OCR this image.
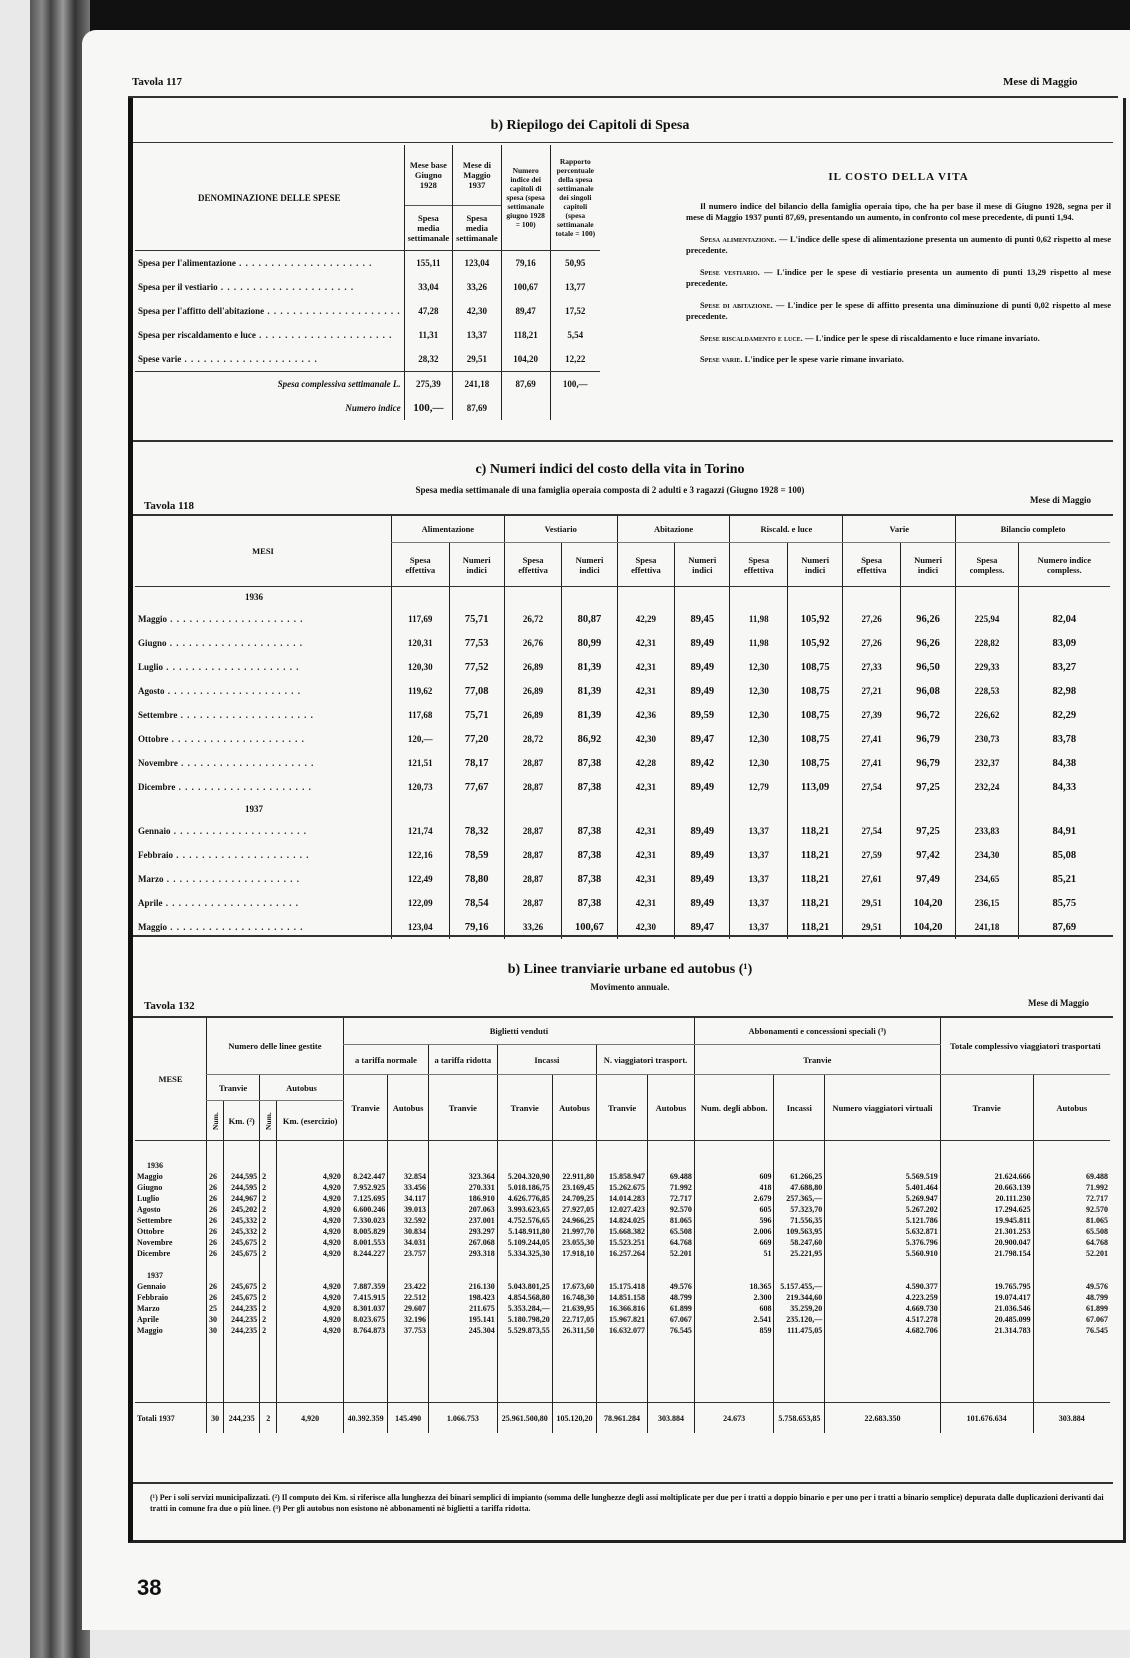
Tavola 117	Mese di Maggio
b) Riepilogo dei Capitoli di Spesa
DENOMINAZIONE DELLE SPESE	Mese base Giugno 1928	Mese di Maggio 1937	Numero indice dei capitoli di spesa (spesa settimanale giugno 1928 = 100)	Rapporto percentuale della spesa settimanale dei singoli capitoli (spesa settimanale totale = 100)
	Spesa media settimanale	Spesa media settimanale		
Spesa per l'alimentazione . . .	155,11	123,04	79,16	50,95
Spesa per il vestiario . . .	33,04	33,26	100,67	13,77
Spesa per l'affitto dell'abitazione . . .	47,28	42,30	89,47	17,52
Spesa per riscaldamento e luce . . .	11,31	13,37	118,21	5,54
Spese varie . . .	28,32	29,51	104,20	12,22
Spesa complessiva settimanale L.	275,39	241,18	87,69	100,—
Numero indice	100,—	87,69		
IL COSTO DELLA VITA

Il numero indice del bilancio della famiglia operaia tipo, che ha per base il mese di Giugno 1928, segna per il mese di Maggio 1937 punti 87,69, presentando un aumento, in confronto col mese precedente, di punti 1,94.

Spesa alimentazione. — L'indice delle spese di alimentazione presenta un aumento di punti 0,62 rispetto al mese precedente.

Spese vestiario. — L'indice per le spese di vestiario presenta un aumento di punti 13,29 rispetto al mese precedente.

Spese di abitazione. — L'indice per le spese di affitto presenta una diminuzione di punti 0,02 rispetto al mese precedente.

Spese riscaldamento e luce. — L'indice per le spese di riscaldamento e luce rimane invariato.

Spese varie. L'indice per le spese varie rimane invariato.

c) Numeri indici del costo della vita in Torino
Spesa media settimanale di una famiglia operaia composta di 2 adulti e 3 ragazzi (Giugno 1928 = 100)
Tavola 118	Mese di Maggio
MESI	Alimentazione		Vestiario		Abitazione		Riscald. e luce		Varie		Bilancio completo	
	Spesa effettiva	Numeri indici	Spesa effettiva	Numeri indici	Spesa effettiva	Numeri indici	Spesa effettiva	Numeri indici	Spesa effettiva	Numeri indici	Spesa compless.	Numero indice compless.
1936												
Maggio . . .	117,69	75,71	26,72	80,87	42,29	89,45	11,98	105,92	27,26	96,26	225,94	82,04
Giugno . . .	120,31	77,53	26,76	80,99	42,31	89,49	11,98	105,92	27,26	96,26	228,82	83,09
Luglio . . .	120,30	77,52	26,89	81,39	42,31	89,49	12,30	108,75	27,33	96,50	229,33	83,27
Agosto . . .	119,62	77,08	26,89	81,39	42,31	89,49	12,30	108,75	27,21	96,08	228,53	82,98
Settembre . . .	117,68	75,71	26,89	81,39	42,36	89,59	12,30	108,75	27,39	96,72	226,62	82,29
Ottobre . . .	120,—	77,20	28,72	86,92	42,30	89,47	12,30	108,75	27,41	96,79	230,73	83,78
Novembre . . .	121,51	78,17	28,87	87,38	42,28	89,42	12,30	108,75	27,41	96,79	232,37	84,38
Dicembre . . .	120,73	77,67	28,87	87,38	42,31	89,49	12,79	113,09	27,54	97,25	232,24	84,33
1937												
Gennaio . . .	121,74	78,32	28,87	87,38	42,31	89,49	13,37	118,21	27,54	97,25	233,83	84,91
Febbraio . . .	122,16	78,59	28,87	87,38	42,31	89,49	13,37	118,21	27,59	97,42	234,30	85,08
Marzo . . .	122,49	78,80	28,87	87,38	42,31	89,49	13,37	118,21	27,61	97,49	234,65	85,21
Aprile . . .	122,09	78,54	28,87	87,38	42,31	89,49	13,37	118,21	29,51	104,20	236,15	85,75
Maggio . . .	123,04	79,16	33,26	100,67	42,30	89,47	13,37	118,21	29,51	104,20	241,18	87,69
b) Linee tranviarie urbane ed autobus (¹)
Movimento annuale.
Tavola 132	Mese di Maggio
MESE	Numero delle linee gestite				Biglietti venduti							Abbonamenti e concessioni speciali (³)			Totale complessivo viaggiatori trasportati	
					a tariffa normale		a tariffa ridotta	Incassi		N. viaggiatori trasport.		Tranvie				
	Tranvie		Autobus		Tranvie	Autobus	Tranvie	Tranvie	Autobus	Tranvie	Autobus	Num. degli abbon.	Incassi	Numero viaggiatori virtuali	Tranvie	Autobus
	Num.	Km. (²)	Num.	Km. (esercizio)												
1936																
Maggio	26	244,595	2	4,920	8.242.447	32.854	323.364	5.204.320,90	22.911,80	15.858.947	69.488	609	61.266,25	5.569.519	21.624.666	69.488
Giugno	26	244,595	2	4,920	7.952.925	33.456	270.331	5.018.186,75	23.169,45	15.262.675	71.992	418	47.688,80	5.401.464	20.663.139	71.992
Luglio	26	244,967	2	4,920	7.125.695	34.117	186.910	4.626.776,85	24.709,25	14.014.283	72.717	2.679	257.365,—	5.269.947	20.111.230	72.717
Agosto	26	245,202	2	4,920	6.600.246	39.013	207.063	3.993.623,65	27.927,05	12.027.423	92.570	605	57.323,70	5.267.202	17.294.625	92.570
Settembre	26	245,332	2	4,920	7.330.023	32.592	237.001	4.752.576,65	24.966,25	14.824.025	81.065	596	71.556,35	5.121.786	19.945.811	81.065
Ottobre	26	245,332	2	4,920	8.005.829	30.834	293.297	5.148.911,80	21.997,70	15.668.382	65.508	2.006	109.563,95	5.632.871	21.301.253	65.508
Novembre	26	245,675	2	4,920	8.001.553	34.031	267.068	5.109.244,05	23.055,30	15.523.251	64.768	669	58.247,60	5.376.796	20.900.047	64.768
Dicembre	26	245,675	2	4,920	8.244.227	23.757	293.318	5.334.325,30	17.918,10	16.257.264	52.201	51	25.221,95	5.560.910	21.798.154	52.201
1937																
Gennaio	26	245,675	2	4,920	7.887.359	23.422	216.130	5.043.801,25	17.673,60	15.175.418	49.576	18.365	5.157.455,—	4.590.377	19.765.795	49.576
Febbraio	26	245,675	2	4,920	7.415.915	22.512	198.423	4.854.568,80	16.748,30	14.851.158	48.799	2.300	219.344,60	4.223.259	19.074.417	48.799
Marzo	25	244,235	2	4,920	8.301.037	29.607	211.675	5.353.284,—	21.639,95	16.366.816	61.899	608	35.259,20	4.669.730	21.036.546	61.899
Aprile	30	244,235	2	4,920	8.023.675	32.196	195.141	5.180.798,20	22.717,05	15.967.821	67.067	2.541	235.120,—	4.517.278	20.485.099	67.067
Maggio	30	244,235	2	4,920	8.764.873	37.753	245.304	5.529.873,55	26.311,50	16.632.077	76.545	859	111.475,05	4.682.706	21.314.783	76.545

Totali 1937	30	244,235	2	4,920	40.392.359	145.490	1.066.753	25.961.500,80	105.120,20	78.961.284	303.884	24.673	5.758.653,85	22.683.350	101.676.634	303.884
(¹) Per i soli servizi municipalizzati. (²) Il computo dei Km. si riferisce alla lunghezza dei binari semplici di impianto (somma delle lunghezze degli assi moltiplicate per due per i tratti a doppio binario e per uno per i tratti a binario semplice) depurata dalle duplicazioni derivanti dai tratti in comune fra due o più linee. (³) Per gli autobus non esistono nè abbonamenti nè biglietti a tariffa ridotta.
38
